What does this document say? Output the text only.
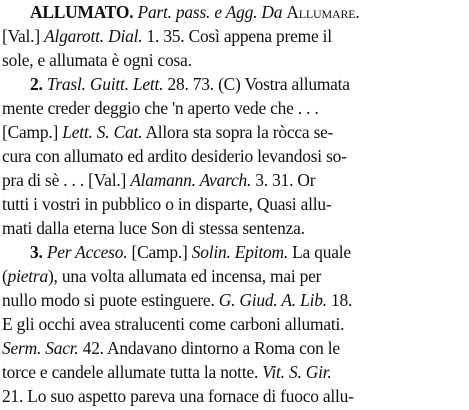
ALLUMATO. Part. pass. e Agg. Da Allumare.
[Val.] Algarott. Dial. 1. 35. Così appena preme il
sole, e allumata è ogni cosa.
2. Trasl. Guitt. Lett. 28. 73. (C) Vostra allumata
mente creder deggio che 'n aperto vede che . . .
[Camp.] Lett. S. Cat. Allora sta sopra la ròcca se-
cura con allumato ed ardito desiderio levandosi so-
pra di sè . . . [Val.] Alamann. Avarch. 3. 31. Or
tutti i vostri in pubblico o in disparte, Quasi allu-
mati dalla eterna luce Son di stessa sentenza.
3. Per Acceso. [Camp.] Solin. Epitom. La quale
(pietra), una volta allumata ed incensa, mai per
nullo modo si puote estinguere. G. Giud. A. Lib. 18.
E gli occhi avea stralucenti come carboni allumati.
Serm. Sacr. 42. Andavano dintorno a Roma con le
torce e candele allumate tutta la notte. Vit. S. Gir.
21. Lo suo aspetto pareva una fornace di fuoco allu-
